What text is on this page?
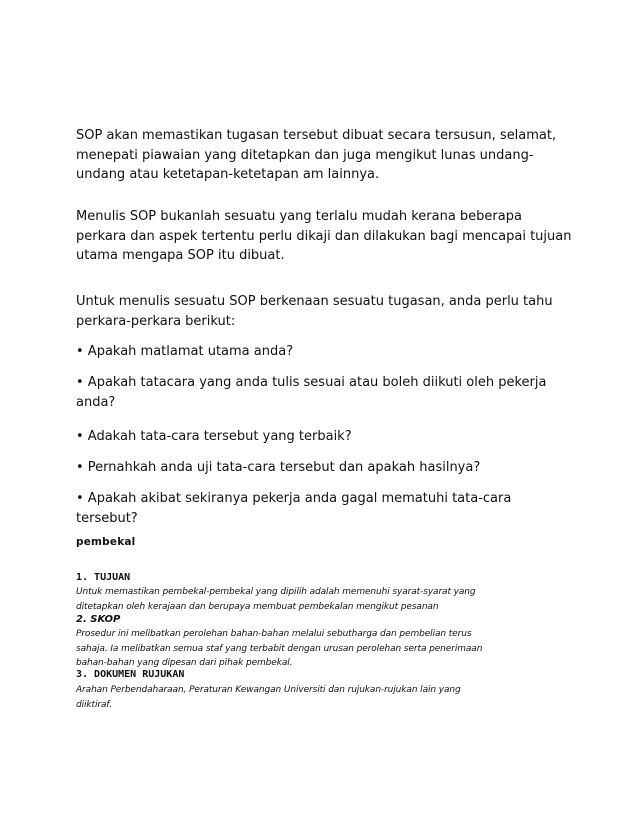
SOP akan memastikan tugasan tersebut dibuat secara tersusun, selamat, menepati piawaian yang ditetapkan dan juga mengikut lunas undang-undang atau ketetapan-ketetapan am lainnya.

Menulis SOP bukanlah sesuatu yang terlalu mudah kerana beberapa perkara dan aspek tertentu perlu dikaji dan dilakukan bagi mencapai tujuan utama mengapa SOP itu dibuat.

Untuk menulis sesuatu SOP berkenaan sesuatu tugasan, anda perlu tahu perkara-perkara berikut:

• Apakah matlamat utama anda?

• Apakah tatacara yang anda tulis sesuai atau boleh diikuti oleh pekerja anda?

• Adakah tata-cara tersebut yang terbaik?

• Pernahkah anda uji tata-cara tersebut dan apakah hasilnya?

• Apakah akibat sekiranya pekerja anda gagal mematuhi tata-cara tersebut?

pembekal

1. TUJUAN

Untuk memastikan pembekal-pembekal yang dipilih adalah memenuhi syarat-syarat yang

ditetapkan oleh kerajaan dan berupaya membuat pembekalan mengikut pesanan

2. SKOP

Prosedur ini melibatkan perolehan bahan-bahan melalui sebutharga dan pembelian terus

sahaja. Ia melibatkan semua staf yang terbabit dengan urusan perolehan serta penerimaan

bahan-bahan yang dipesan dari pihak pembekal.

3. DOKUMEN RUJUKAN

Arahan Perbendaharaan, Peraturan Kewangan Universiti dan rujukan-rujukan lain yang

diiktiraf.
